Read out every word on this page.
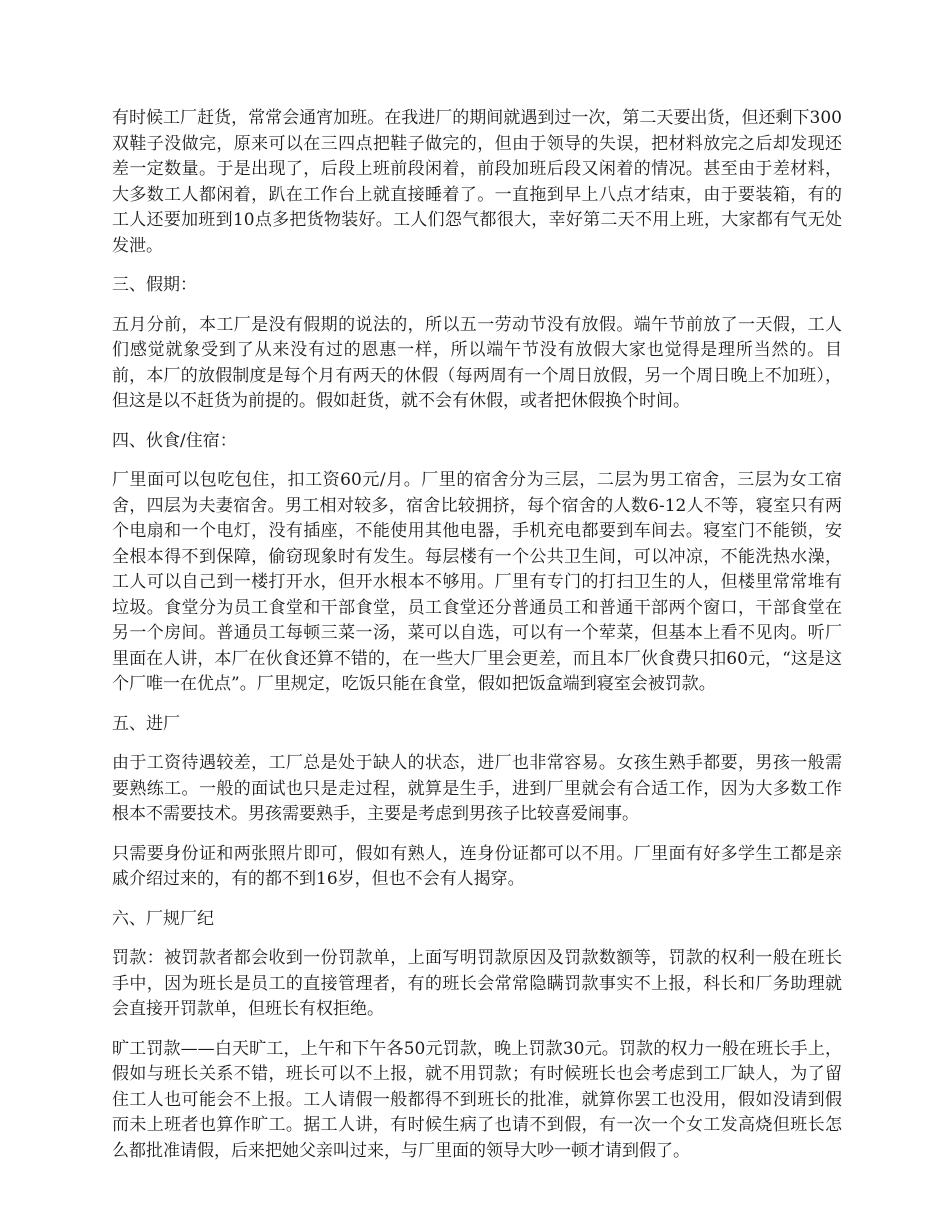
有时候工厂赶货，常常会通宵加班。在我进厂的期间就遇到过一次，第二天要出货，但还剩下300双鞋子没做完，原来可以在三四点把鞋子做完的，但由于领导的失误，把材料放完之后却发现还差一定数量。于是出现了，后段上班前段闲着，前段加班后段又闲着的情况。甚至由于差材料，大多数工人都闲着，趴在工作台上就直接睡着了。一直拖到早上八点才结束，由于要装箱，有的工人还要加班到10点多把货物装好。工人们怨气都很大，幸好第二天不用上班，大家都有气无处发泄。

三、假期：

五月分前，本工厂是没有假期的说法的，所以五一劳动节没有放假。端午节前放了一天假，工人们感觉就象受到了从来没有过的恩惠一样，所以端午节没有放假大家也觉得是理所当然的。目前，本厂的放假制度是每个月有两天的休假（每两周有一个周日放假，另一个周日晚上不加班），但这是以不赶货为前提的。假如赶货，就不会有休假，或者把休假换个时间。

四、伙食/住宿：

厂里面可以包吃包住，扣工资60元/月。厂里的宿舍分为三层，二层为男工宿舍，三层为女工宿舍，四层为夫妻宿舍。男工相对较多，宿舍比较拥挤，每个宿舍的人数6-12人不等，寝室只有两个电扇和一个电灯，没有插座，不能使用其他电器，手机充电都要到车间去。寝室门不能锁，安全根本得不到保障，偷窃现象时有发生。每层楼有一个公共卫生间，可以冲凉，不能洗热水澡，工人可以自己到一楼打开水，但开水根本不够用。厂里有专门的打扫卫生的人，但楼里常常堆有垃圾。食堂分为员工食堂和干部食堂，员工食堂还分普通员工和普通干部两个窗口，干部食堂在另一个房间。普通员工每顿三菜一汤，菜可以自选，可以有一个荤菜，但基本上看不见肉。听厂里面在人讲，本厂在伙食还算不错的，在一些大厂里会更差，而且本厂伙食费只扣60元，“这是这个厂唯一在优点”。厂里规定，吃饭只能在食堂，假如把饭盒端到寝室会被罚款。

五、进厂

由于工资待遇较差，工厂总是处于缺人的状态，进厂也非常容易。女孩生熟手都要，男孩一般需要熟练工。一般的面试也只是走过程，就算是生手，进到厂里就会有合适工作，因为大多数工作根本不需要技术。男孩需要熟手，主要是考虑到男孩子比较喜爱闹事。

只需要身份证和两张照片即可，假如有熟人，连身份证都可以不用。厂里面有好多学生工都是亲戚介绍过来的，有的都不到16岁，但也不会有人揭穿。

六、厂规厂纪

罚款：被罚款者都会收到一份罚款单，上面写明罚款原因及罚款数额等，罚款的权利一般在班长手中，因为班长是员工的直接管理者，有的班长会常常隐瞒罚款事实不上报，科长和厂务助理就会直接开罚款单，但班长有权拒绝。

旷工罚款——白天旷工，上午和下午各50元罚款，晚上罚款30元。罚款的权力一般在班长手上，假如与班长关系不错，班长可以不上报，就不用罚款；有时候班长也会考虑到工厂缺人，为了留住工人也可能会不上报。工人请假一般都得不到班长的批准，就算你罢工也没用，假如没请到假而未上班者也算作旷工。据工人讲，有时候生病了也请不到假，有一次一个女工发高烧但班长怎么都批准请假，后来把她父亲叫过来，与厂里面的领导大吵一顿才请到假了。
